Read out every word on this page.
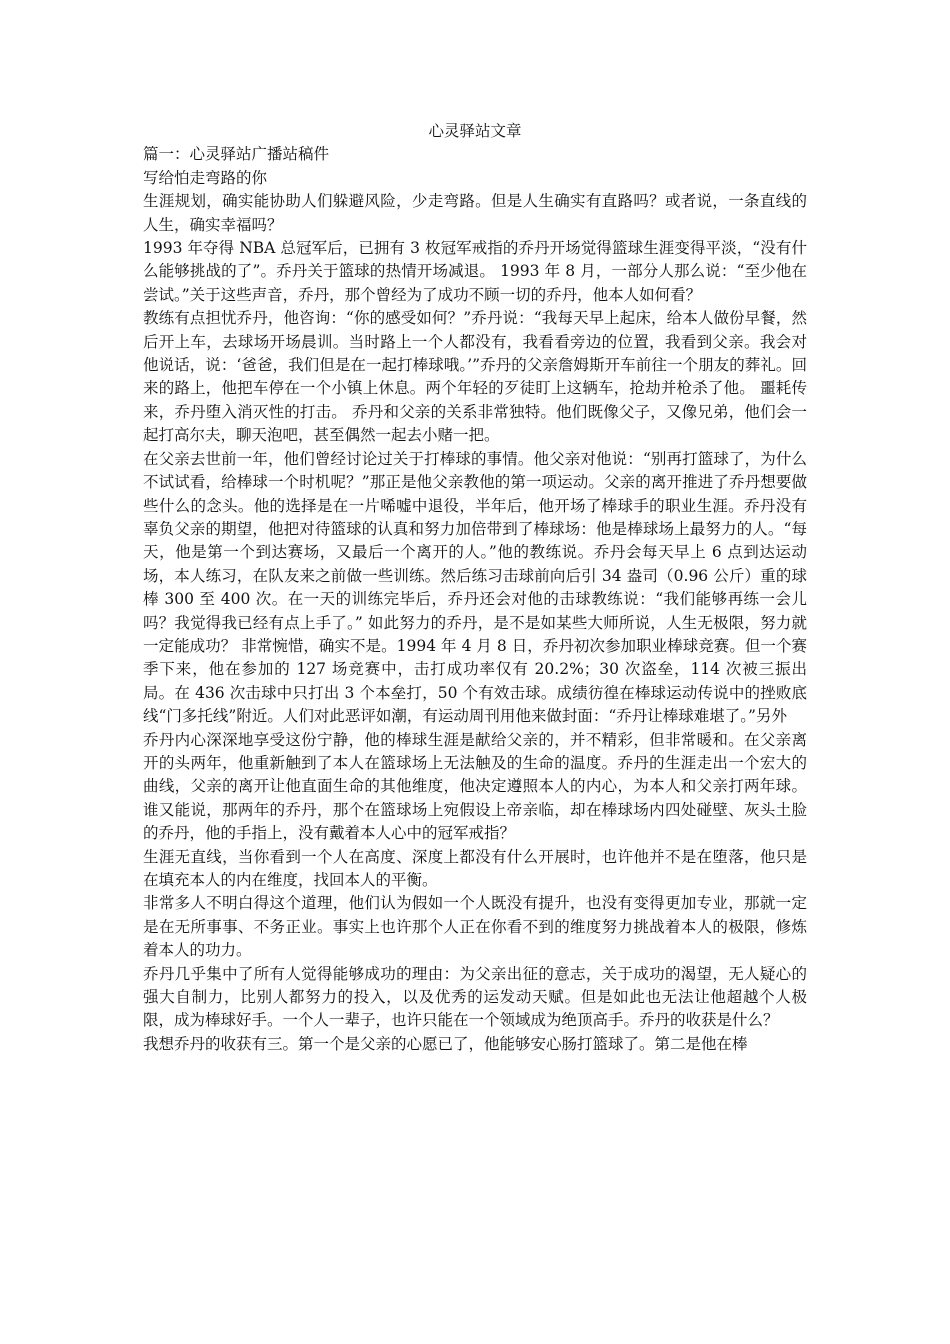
心灵驿站文章

篇一：心灵驿站广播站稿件

写给怕走弯路的你

生涯规划，确实能协助人们躲避风险，少走弯路。但是人生确实有直路吗？或者说，一条直线的人生，确实幸福吗？

1993 年夺得 NBA 总冠军后，已拥有 3 枚冠军戒指的乔丹开场觉得篮球生涯变得平淡，“没有什么能够挑战的了”。乔丹关于篮球的热情开场减退。 1993 年 8 月，一部分人那么说：“至少他在尝试。”关于这些声音，乔丹，那个曾经为了成功不顾一切的乔丹，他本人如何看？

教练有点担忧乔丹，他咨询：“你的感受如何？”乔丹说：“我每天早上起床，给本人做份早餐，然后开上车，去球场开场晨训。当时路上一个人都没有，我看看旁边的位置，我看到父亲。我会对他说话，说：‘爸爸，我们但是在一起打棒球哦。’”乔丹的父亲詹姆斯开车前往一个朋友的葬礼。回来的路上，他把车停在一个小镇上休息。两个年轻的歹徒盯上这辆车，抢劫并枪杀了他。 噩耗传来，乔丹堕入消灭性的打击。 乔丹和父亲的关系非常独特。他们既像父子，又像兄弟，他们会一起打高尔夫，聊天泡吧，甚至偶然一起去小赌一把。

在父亲去世前一年，他们曾经讨论过关于打棒球的事情。他父亲对他说：“别再打篮球了，为什么不试试看，给棒球一个时机呢？”那正是他父亲教他的第一项运动。父亲的离开推进了乔丹想要做些什么的念头。他的选择是在一片唏嘘中退役，半年后，他开场了棒球手的职业生涯。乔丹没有辜负父亲的期望，他把对待篮球的认真和努力加倍带到了棒球场：他是棒球场上最努力的人。“每天，他是第一个到达赛场，又最后一个离开的人。”他的教练说。乔丹会每天早上 6 点到达运动场，本人练习，在队友来之前做一些训练。然后练习击球前向后引 34 盎司（0.96 公斤）重的球棒 300 至 400 次。在一天的训练完毕后，乔丹还会对他的击球教练说：“我们能够再练一会儿吗？我觉得我已经有点上手了。” 如此努力的乔丹，是不是如某些大师所说，人生无极限，努力就一定能成功？ 非常惋惜，确实不是。1994 年 4 月 8 日，乔丹初次参加职业棒球竞赛。但一个赛季下来，他在参加的 127 场竞赛中，击打成功率仅有 20.2%；30 次盗垒，114 次被三振出局。在 436 次击球中只打出 3 个本垒打，50 个有效击球。成绩彷徨在棒球运动传说中的挫败底线“门多托线”附近。人们对此恶评如潮，有运动周刊用他来做封面：“乔丹让棒球难堪了。”另外

乔丹内心深深地享受这份宁静，他的棒球生涯是献给父亲的，并不精彩，但非常暖和。在父亲离开的头两年，他重新触到了本人在篮球场上无法触及的生命的温度。乔丹的生涯走出一个宏大的曲线，父亲的离开让他直面生命的其他维度，他决定遵照本人的内心，为本人和父亲打两年球。谁又能说，那两年的乔丹，那个在篮球场上宛假设上帝亲临，却在棒球场内四处碰壁、灰头土脸的乔丹，他的手指上，没有戴着本人心中的冠军戒指？

生涯无直线，当你看到一个人在高度、深度上都没有什么开展时，也许他并不是在堕落，他只是在填充本人的内在维度，找回本人的平衡。

非常多人不明白得这个道理，他们认为假如一个人既没有提升，也没有变得更加专业，那就一定是在无所事事、不务正业。事实上也许那个人正在你看不到的维度努力挑战着本人的极限，修炼着本人的功力。

乔丹几乎集中了所有人觉得能够成功的理由：为父亲出征的意志，关于成功的渴望，无人疑心的强大自制力，比别人都努力的投入，以及优秀的运发动天赋。但是如此也无法让他超越个人极限，成为棒球好手。一个人一辈子，也许只能在一个领域成为绝顶高手。乔丹的收获是什么？

我想乔丹的收获有三。第一个是父亲的心愿已了，他能够安心肠打篮球了。第二是他在棒
